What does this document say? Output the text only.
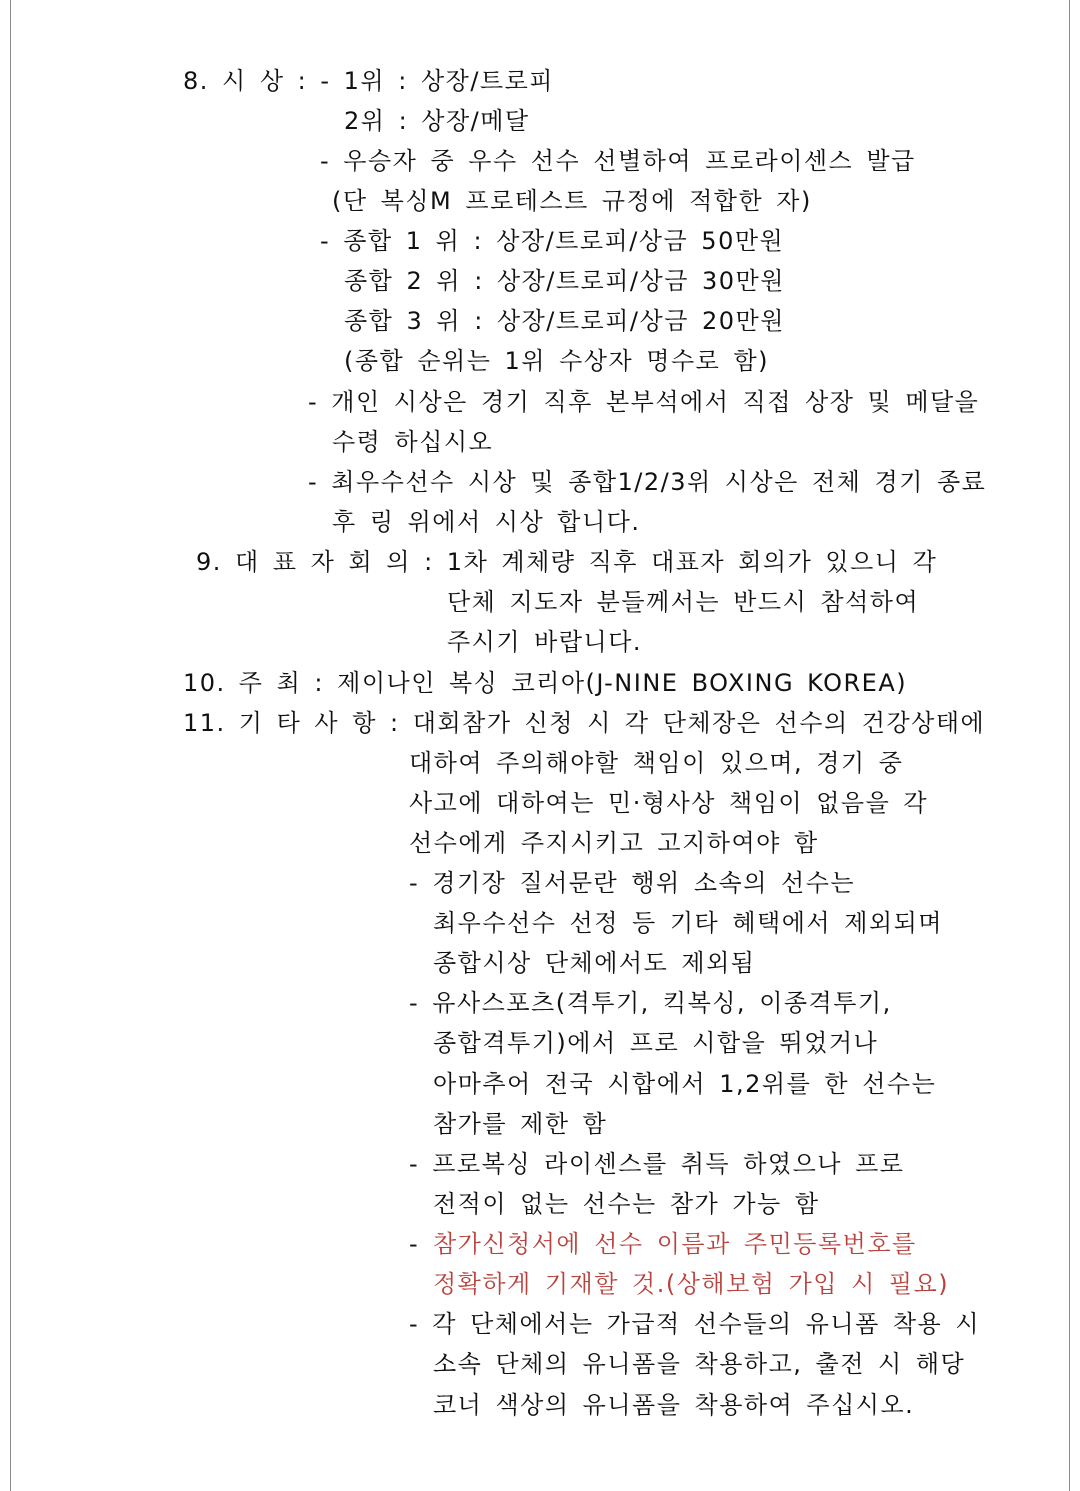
8. 시 상 : - 1위 : 상장/트로피
2위 : 상장/메달
- 우승자 중 우수 선수 선별하여 프로라이센스 발급
(단 복싱M 프로테스트 규정에 적합한 자)
- 종합 1 위 : 상장/트로피/상금 50만원
종합 2 위 : 상장/트로피/상금 30만원
종합 3 위 : 상장/트로피/상금 20만원
(종합 순위는 1위 수상자 명수로 함)
- 개인 시상은 경기 직후 본부석에서 직접 상장 및 메달을
수령 하십시오
- 최우수선수 시상 및 종합1/2/3위 시상은 전체 경기 종료
후 링 위에서 시상 합니다.
9. 대 표 자 회 의 : 1차 계체량 직후 대표자 회의가 있으니 각
단체 지도자 분들께서는 반드시 참석하여
주시기 바랍니다.
10. 주 최 : 제이나인 복싱 코리아(J-NINE BOXING KOREA)
11. 기 타 사 항 : 대회참가 신청 시 각 단체장은 선수의 건강상태에
대하여 주의해야할 책임이 있으며, 경기 중
사고에 대하여는 민·형사상 책임이 없음을 각
선수에게 주지시키고 고지하여야 함
- 경기장 질서문란 행위 소속의 선수는
최우수선수 선정 등 기타 혜택에서 제외되며
종합시상 단체에서도 제외됨
- 유사스포츠(격투기, 킥복싱, 이종격투기,
종합격투기)에서 프로 시합을 뛰었거나
아마추어 전국 시합에서 1,2위를 한 선수는
참가를 제한 함
- 프로복싱 라이센스를 취득 하였으나 프로
전적이 없는 선수는 참가 가능 함
- 참가신청서에 선수 이름과 주민등록번호를
정확하게 기재할 것.(상해보험 가입 시 필요)
- 각 단체에서는 가급적 선수들의 유니폼 착용 시
소속 단체의 유니폼을 착용하고, 출전 시 해당
코너 색상의 유니폼을 착용하여 주십시오.
